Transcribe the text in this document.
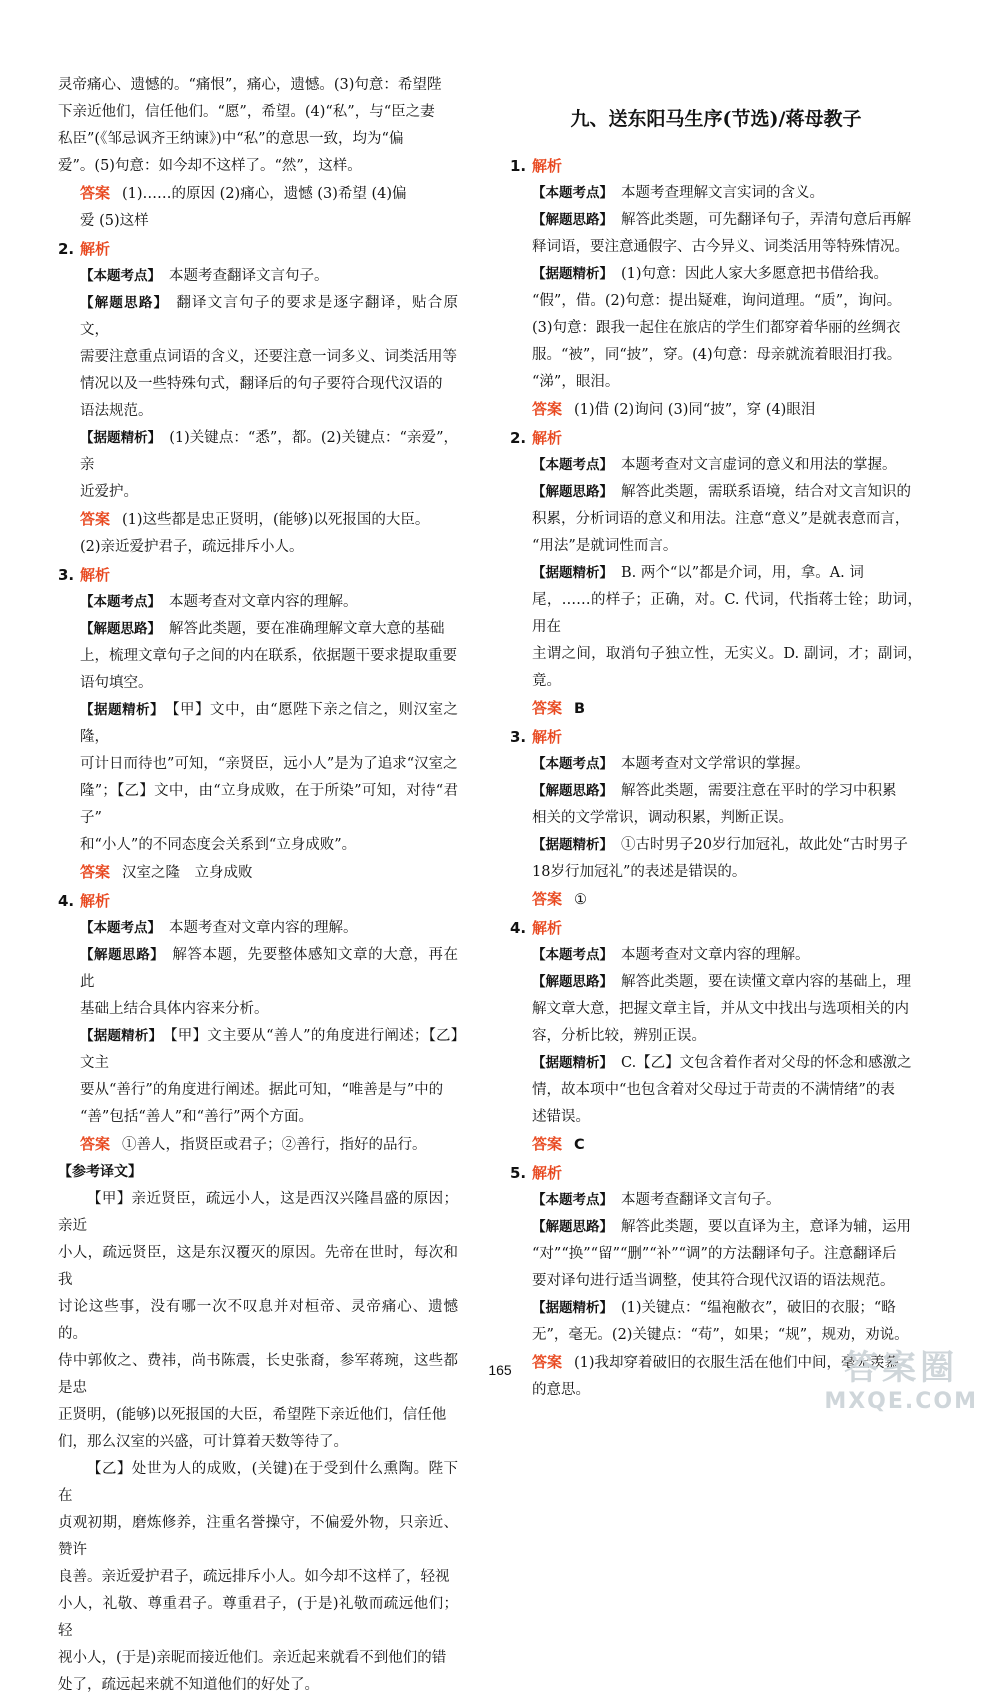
灵帝痛心、遗憾的。“痛恨”，痛心，遗憾。(3)句意：希望陛

下亲近他们，信任他们。“愿”，希望。(4)“私”，与“臣之妻

私臣”(《邹忌讽齐王纳谏》)中“私”的意思一致，均为“偏

爱”。(5)句意：如今却不这样了。“然”，这样。

答案 (1)……的原因 (2)痛心，遗憾 (3)希望 (4)偏

爱 (5)这样

2. 解析

【本题考点】 本题考查翻译文言句子。

【解题思路】 翻译文言句子的要求是逐字翻译，贴合原文，

需要注意重点词语的含义，还要注意一词多义、词类活用等

情况以及一些特殊句式，翻译后的句子要符合现代汉语的

语法规范。

【据题精析】 (1)关键点：“悉”，都。(2)关键点：“亲爱”，亲

近爱护。

答案 (1)这些都是忠正贤明，(能够)以死报国的大臣。

(2)亲近爱护君子，疏远排斥小人。

3. 解析

【本题考点】 本题考查对文章内容的理解。

【解题思路】 解答此类题，要在准确理解文章大意的基础

上，梳理文章句子之间的内在联系，依据题干要求提取重要

语句填空。

【据题精析】 【甲】文中，由“愿陛下亲之信之，则汉室之隆，

可计日而待也”可知，“亲贤臣，远小人”是为了追求“汉室之

隆”；【乙】文中，由“立身成败，在于所染”可知，对待“君子”

和“小人”的不同态度会关系到“立身成败”。

答案 汉室之隆　立身成败

4. 解析

【本题考点】 本题考查对文章内容的理解。

【解题思路】 解答本题，先要整体感知文章的大意，再在此

基础上结合具体内容来分析。

【据题精析】 【甲】文主要从“善人”的角度进行阐述；【乙】文主

要从“善行”的角度进行阐述。据此可知，“唯善是与”中的

“善”包括“善人”和“善行”两个方面。

答案 ①善人，指贤臣或君子；②善行，指好的品行。

【参考译文】

【甲】亲近贤臣，疏远小人，这是西汉兴隆昌盛的原因；亲近

小人，疏远贤臣，这是东汉覆灭的原因。先帝在世时，每次和我

讨论这些事，没有哪一次不叹息并对桓帝、灵帝痛心、遗憾的。

侍中郭攸之、费祎，尚书陈震，长史张裔，参军蒋琬，这些都是忠

正贤明，(能够)以死报国的大臣，希望陛下亲近他们，信任他

们，那么汉室的兴盛，可计算着天数等待了。

【乙】处世为人的成败，(关键)在于受到什么熏陶。陛下在

贞观初期，磨炼修养，注重名誉操守，不偏爱外物，只亲近、赞许

良善。亲近爱护君子，疏远排斥小人。如今却不这样了，轻视

小人，礼敬、尊重君子。尊重君子，(于是)礼敬而疏远他们；轻

视小人，(于是)亲昵而接近他们。亲近起来就看不到他们的错

处了，疏远起来就不知道他们的好处了。

九、送东阳马生序(节选)/蒋母教子
1. 解析

【本题考点】 本题考查理解文言实词的含义。

【解题思路】 解答此类题，可先翻译句子，弄清句意后再解

释词语，要注意通假字、古今异义、词类活用等特殊情况。

【据题精析】 (1)句意：因此人家大多愿意把书借给我。

“假”，借。(2)句意：提出疑难，询问道理。“质”，询问。

(3)句意：跟我一起住在旅店的学生们都穿着华丽的丝绸衣

服。“被”，同“披”，穿。(4)句意：母亲就流着眼泪打我。

“涕”，眼泪。

答案 (1)借 (2)询问 (3)同“披”，穿 (4)眼泪

2. 解析

【本题考点】 本题考查对文言虚词的意义和用法的掌握。

【解题思路】 解答此类题，需联系语境，结合对文言知识的

积累，分析词语的意义和用法。注意“意义”是就表意而言，

“用法”是就词性而言。

【据题精析】 B. 两个“以”都是介词，用，拿。A. 词

尾，……的样子；正确，对。C. 代词，代指蒋士铨；助词，用在

主谓之间，取消句子独立性，无实义。D. 副词，才；副词，竟。

答案 B

3. 解析

【本题考点】 本题考查对文学常识的掌握。

【解题思路】 解答此类题，需要注意在平时的学习中积累

相关的文学常识，调动积累，判断正误。

【据题精析】 ①古时男子20岁行加冠礼，故此处“古时男子

18岁行加冠礼”的表述是错误的。

答案 ①

4. 解析

【本题考点】 本题考查对文章内容的理解。

【解题思路】 解答此类题，要在读懂文章内容的基础上，理

解文章大意，把握文章主旨，并从文中找出与选项相关的内

容，分析比较，辨别正误。

【据题精析】 C.【乙】文包含着作者对父母的怀念和感激之

情，故本项中“也包含着对父母过于苛责的不满情绪”的表

述错误。

答案 C

5. 解析

【本题考点】 本题考查翻译文言句子。

【解题思路】 解答此类题，要以直译为主，意译为辅，运用

“对”“换”“留”“删”“补”“调”的方法翻译句子。注意翻译后

要对译句进行适当调整，使其符合现代汉语的语法规范。

【据题精析】 (1)关键点：“缊袍敝衣”，破旧的衣服；“略

无”，毫无。(2)关键点：“苟”，如果；“规”，规劝，劝说。

答案 (1)我却穿着破旧的衣服生活在他们中间，毫无羡慕

的意思。

165	答案圈
MXQE.COM
